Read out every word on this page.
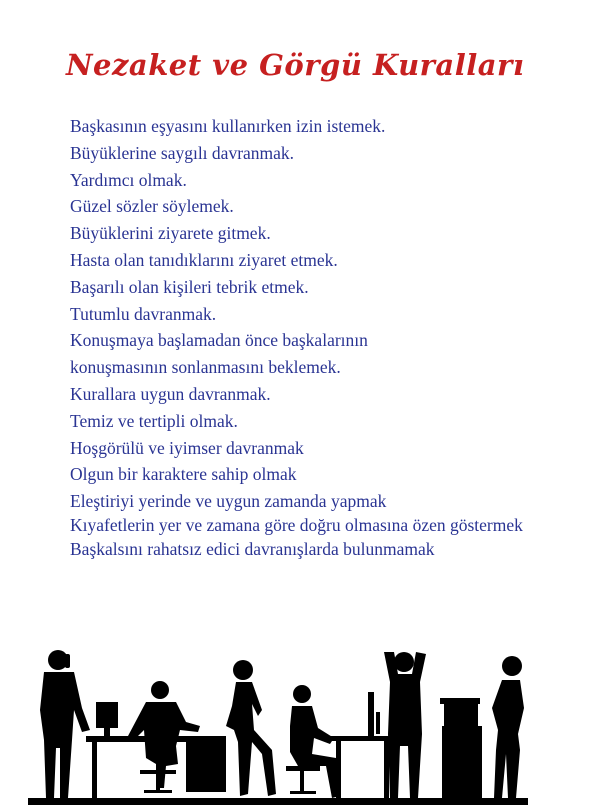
Nezaket ve Görgü Kuralları
Başkasının eşyasını kullanırken izin istemek.
Büyüklerine saygılı davranmak.
Yardımcı olmak.
Güzel sözler söylemek.
Büyüklerini ziyarete gitmek.
Hasta olan tanıdıklarını ziyaret etmek.
Başarılı olan kişileri tebrik etmek.
Tutumlu davranmak.
Konuşmaya başlamadan önce başkalarının
konuşmasının sonlanmasını beklemek.
Kurallara uygun davranmak.
Temiz ve tertipli olmak.
Hoşgörülü ve iyimser davranmak
Olgun bir karaktere sahip olmak
Eleştiriyi yerinde ve uygun zamanda yapmak
Kıyafetlerin yer ve zamana göre doğru olmasına özen göstermek
Başkalsını rahatsız edici davranışlarda bulunmamak
